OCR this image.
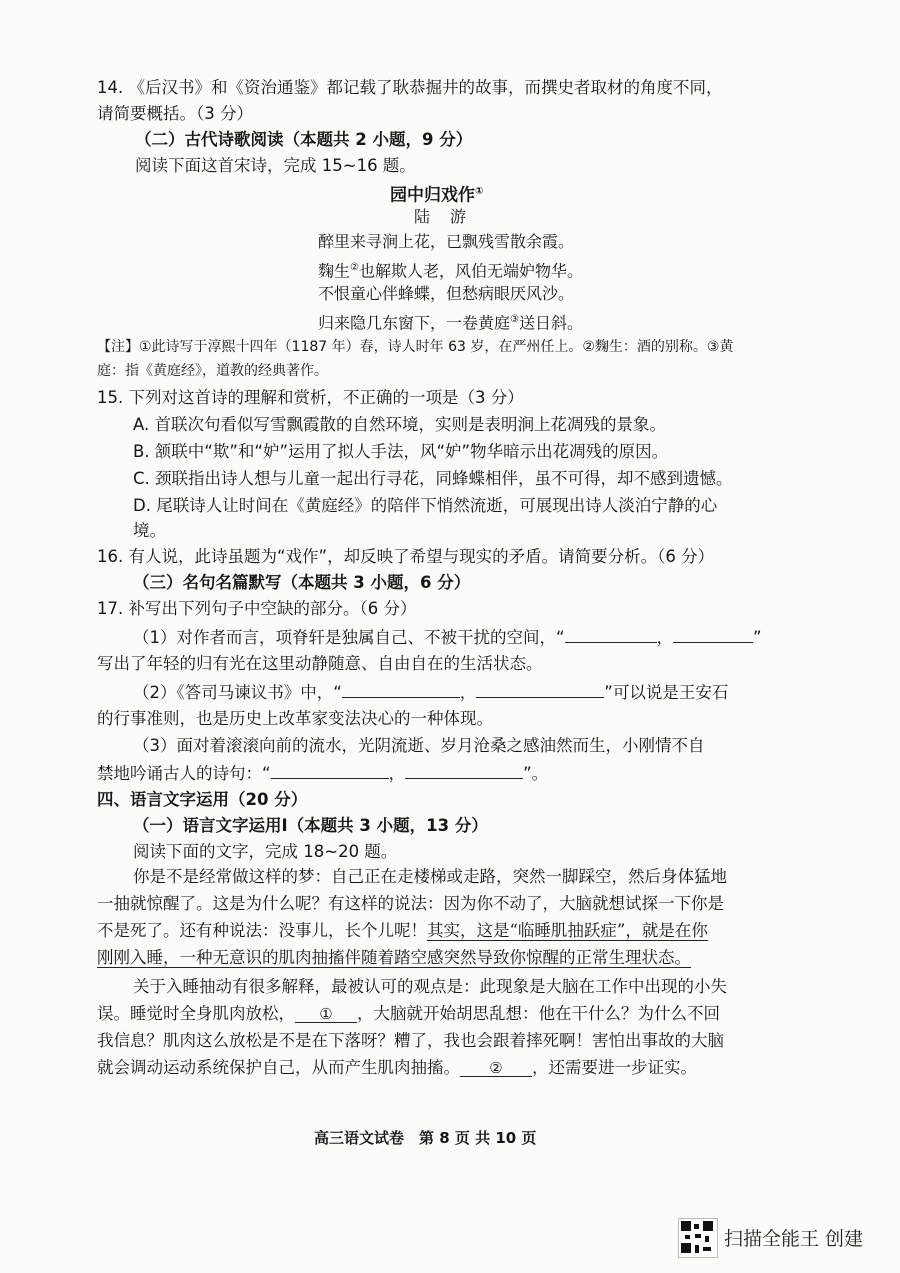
14. 《后汉书》和《资治通鉴》都记载了耿恭掘井的故事，而撰史者取材的角度不同，
请简要概括。（3 分）
（二）古代诗歌阅读（本题共 2 小题，9 分）
阅读下面这首宋诗，完成 15~16 题。
园中归戏作①
陆　游
醉里来寻涧上花，已飘残雪散余霞。
麴生②也解欺人老，风伯无端妒物华。
不恨童心伴蜂蝶，但愁病眼厌风沙。
归来隐几东窗下，一卷黄庭③送日斜。
【注】①此诗写于淳熙十四年（1187 年）春，诗人时年 63 岁，在严州任上。②麴生：酒的别称。③黄
庭：指《黄庭经》，道教的经典著作。
15. 下列对这首诗的理解和赏析，不正确的一项是（3 分）
A. 首联次句看似写雪飘霞散的自然环境，实则是表明涧上花凋残的景象。
B. 颔联中“欺”和“妒”运用了拟人手法，风“妒”物华暗示出花凋残的原因。
C. 颈联指出诗人想与儿童一起出行寻花，同蜂蝶相伴，虽不可得，却不感到遗憾。
D. 尾联诗人让时间在《黄庭经》的陪伴下悄然流逝，可展现出诗人淡泊宁静的心
境。
16. 有人说，此诗虽题为“戏作”，却反映了希望与现实的矛盾。请简要分析。（6 分）
（三）名句名篇默写（本题共 3 小题，6 分）
17. 补写出下列句子中空缺的部分。（6 分）
（1）对作者而言，项脊轩是独属自己、不被干扰的空间，“	，	”
写出了年轻的归有光在这里动静随意、自由自在的生活状态。
（2）《答司马谏议书》中，“	，	”可以说是王安石
的行事准则，也是历史上改革家变法决心的一种体现。
（3）面对着滚滚向前的流水，光阴流逝、岁月沧桑之感油然而生，小刚情不自
禁地吟诵古人的诗句：“	，	”。
四、语言文字运用（20 分）
（一）语言文字运用Ⅰ（本题共 3 小题，13 分）
阅读下面的文字，完成 18~20 题。
你是不是经常做这样的梦：自己正在走楼梯或走路，突然一脚踩空，然后身体猛地
一抽就惊醒了。这是为什么呢？有这样的说法：因为你不动了，大脑就想试探一下你是
不是死了。还有种说法：没事儿，长个儿呢！其实，这是“临睡肌抽跃症”，就是在你
刚刚入睡，一种无意识的肌肉抽搐伴随着踏空感突然导致你惊醒的正常生理状态。
关于入睡抽动有很多解释，最被认可的观点是：此现象是大脑在工作中出现的小失
误。睡觉时全身肌肉放松， ① ，大脑就开始胡思乱想：他在干什么？为什么不回
我信息？肌肉这么放松是不是在下落呀？糟了，我也会跟着摔死啊！害怕出事故的大脑
就会调动运动系统保护自己，从而产生肌肉抽搐。 ② ，还需要进一步证实。
高三语文试卷　第 8 页 共 10 页
扫描全能王 创建
